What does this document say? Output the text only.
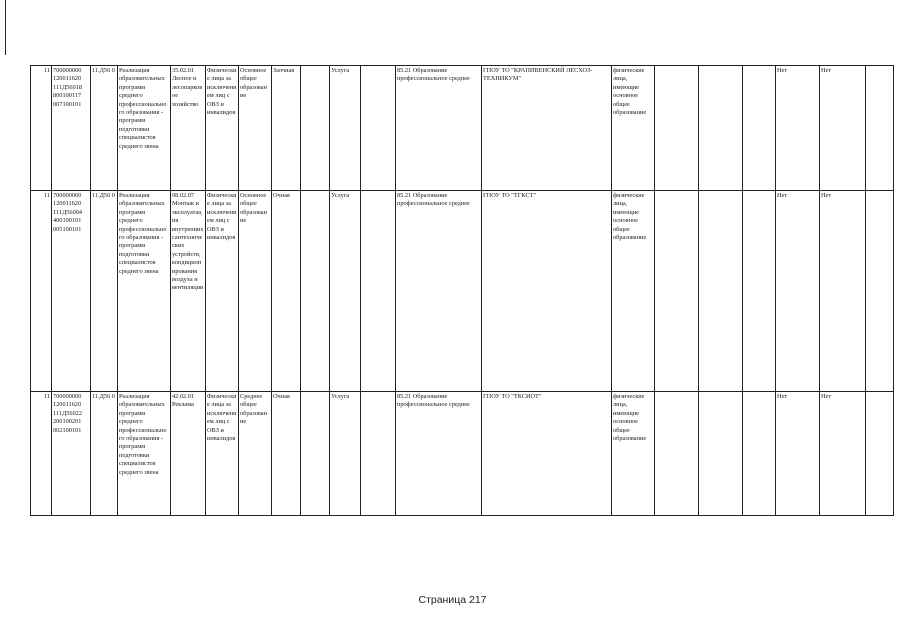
11	700000000 120011620 111Д56018 800100117 007100101	11.Д56 0	Реализация образовательных программ среднего профессионального образования - программ подготовки специалистов среднего звена	35.02.01 Лесное и лесопарковое хозяйство	Физические лица за исключением лиц с ОВЗ и инвалидов	Основное общее образование	Заочная		Услуга		85.21 Образование профессиональное среднее	ГПОУ ТО "КРАПИВЕНСКИЙ ЛЕСХОЗ-ТЕХНИКУМ"	физические лица, имеющие основное общее образование				Нет	Нет	
11	700000000 120011620 111Д56004 400100101 005100101	11.Д56 0	Реализация образовательных программ среднего профессионального образования - программ подготовки специалистов среднего звена	08.02.07 Монтаж и эксплуатация внутренних сантехнических устройств, кондиционирования воздуха и вентиляции	Физические лица за исключением лиц с ОВЗ и инвалидов	Основное общее образование	Очная		Услуга		85.21 Образование профессиональное среднее	ГПОУ ТО "ТГКСТ"	физические лица, имеющие основное общее образование				Нет	Нет	
11	700000000 120011620 111Д56022 200100201 002100101	11.Д56 0	Реализация образовательных программ среднего профессионального образования - программ подготовки специалистов среднего звена	42.02.01 Реклама	Физические лица за исключением лиц с ОВЗ и инвалидов	Среднее общее образование	Очная		Услуга		85.21 Образование профессиональное среднее	ГПОУ ТО "ТКСИОТ"	физические лица, имеющие основное общее образование				Нет	Нет	
Страница 217
